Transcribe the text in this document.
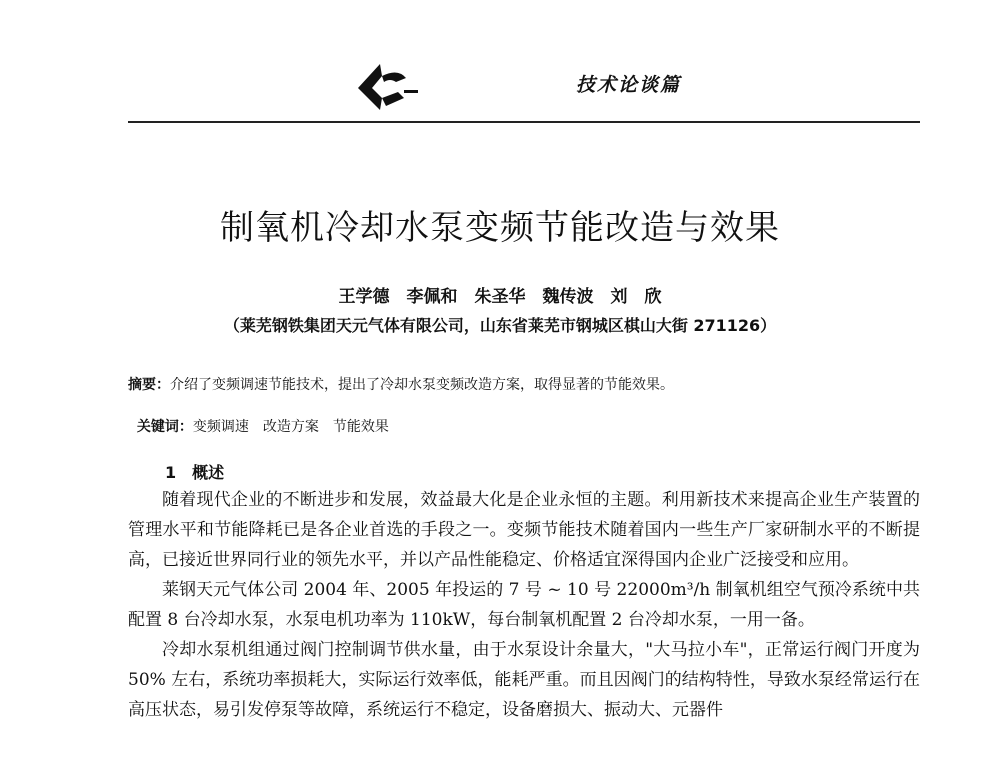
技术论谈篇
制氧机冷却水泵变频节能改造与效果
王学德　李佩和　朱圣华　魏传波　刘　欣
（莱芜钢铁集团天元气体有限公司，山东省莱芜市钢城区棋山大街 271126）
摘要：介绍了变频调速节能技术，提出了冷却水泵变频改造方案，取得显著的节能效果。

关键词：变频调速　改造方案　节能效果

1　概述

随着现代企业的不断进步和发展，效益最大化是企业永恒的主题。利用新技术来提高企业生产装置的管理水平和节能降耗已是各企业首选的手段之一。变频节能技术随着国内一些生产厂家研制水平的不断提高，已接近世界同行业的领先水平，并以产品性能稳定、价格适宜深得国内企业广泛接受和应用。

莱钢天元气体公司 2004 年、2005 年投运的 7 号 ~ 10 号 22000m³/h 制氧机组空气预冷系统中共配置 8 台冷却水泵，水泵电机功率为 110kW，每台制氧机配置 2 台冷却水泵，一用一备。

冷却水泵机组通过阀门控制调节供水量，由于水泵设计余量大，"大马拉小车"，正常运行阀门开度为 50% 左右，系统功率损耗大，实际运行效率低，能耗严重。而且因阀门的结构特性，导致水泵经常运行在高压状态，易引发停泵等故障，系统运行不稳定，设备磨损大、振动大、元器件
